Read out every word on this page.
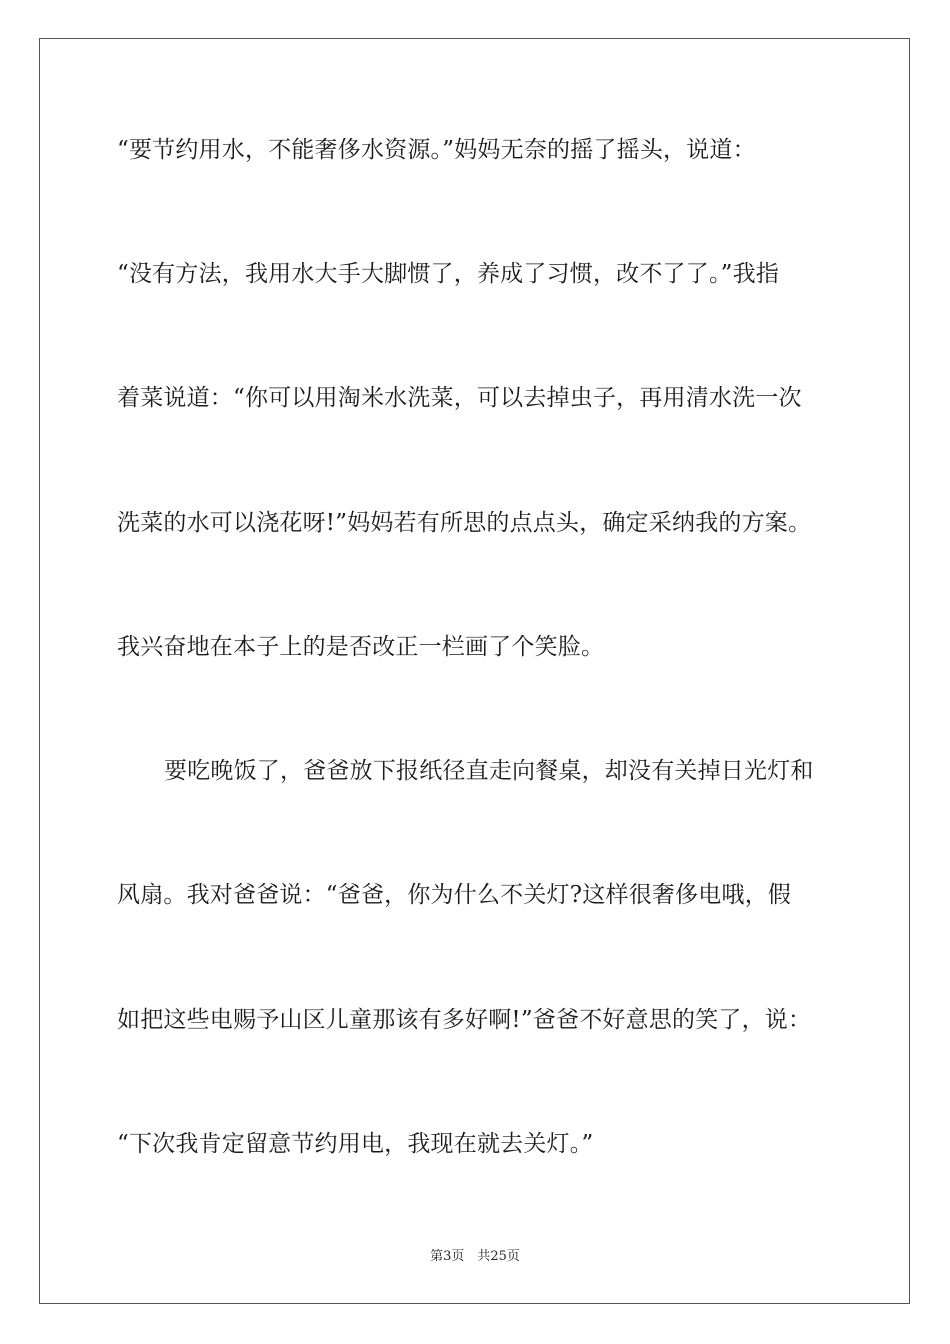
“要节约用水，不能奢侈水资源。”妈妈无奈的摇了摇头，说道：
“没有方法，我用水大手大脚惯了，养成了习惯，改不了了。”我指
着菜说道：“你可以用淘米水洗菜，可以去掉虫子，再用清水洗一次
洗菜的水可以浇花呀!”妈妈若有所思的点点头，确定采纳我的方案。
我兴奋地在本子上的是否改正一栏画了个笑脸。
要吃晚饭了，爸爸放下报纸径直走向餐桌，却没有关掉日光灯和
风扇。我对爸爸说：“爸爸，你为什么不关灯?这样很奢侈电哦，假
如把这些电赐予山区儿童那该有多好啊!”爸爸不好意思的笑了，说：
“下次我肯定留意节约用电，我现在就去关灯。”
第3页　共25页
